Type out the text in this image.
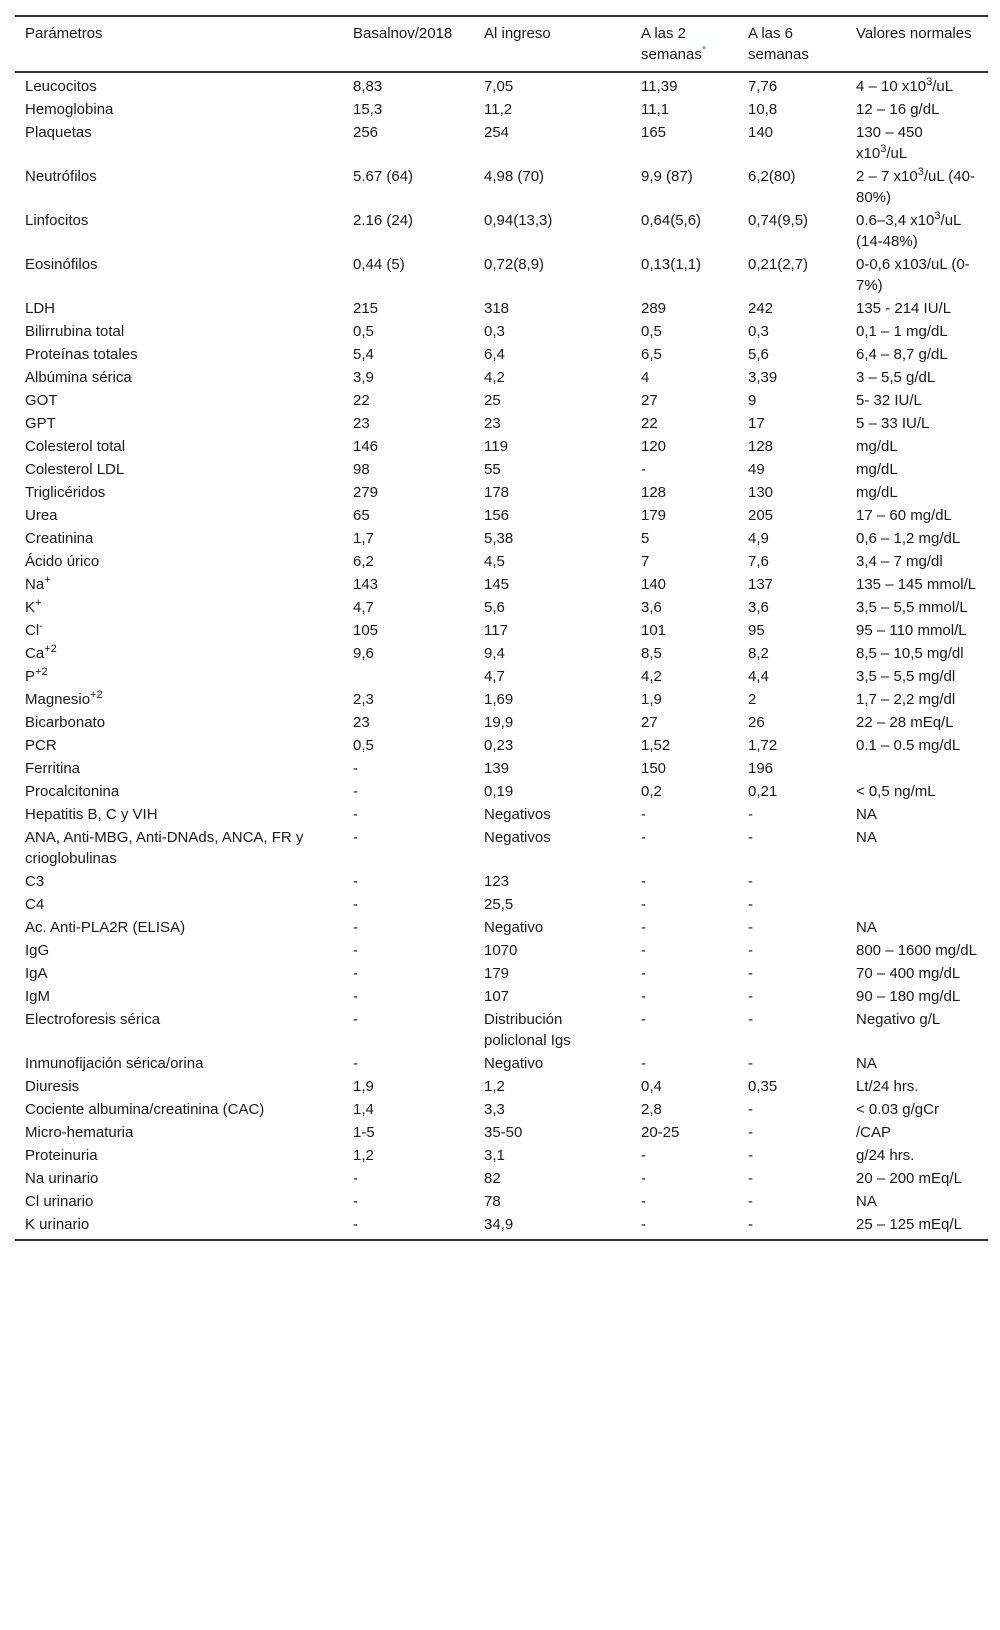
Parámetros	Basalnov/2018	Al ingreso	A las 2 semanas*	A las 6 semanas	Valores normales
Leucocitos	8,83	7,05	11,39	7,76	4 – 10 $x10^3/uL$
Hemoglobina	15,3	11,2	11,1	10,8	12 – 16 g/dL
Plaquetas	256	254	165	140	130 – 450 $x10^3/uL$
Neutrófilos	5.67 (64)	4,98 (70)	9,9 (87)	6,2(80)	2 – 7 $x10^3/uL$ (40-80%)
Linfocitos	2.16 (24)	0,94(13,3)	0,64(5,6)	0,74(9,5)	0.6–3,4 $x10^3/uL$ (14-48%)
Eosinófilos	0,44 (5)	0,72(8,9)	0,13(1,1)	0,21(2,7)	0-0,6 x103/uL (0-7%)
LDH	215	318	289	242	135 - 214 IU/L
Bilirrubina total	0,5	0,3	0,5	0,3	0,1 – 1 mg/dL
Proteínas totales	5,4	6,4	6,5	5,6	6,4 – 8,7 g/dL
Albúmina sérica	3,9	4,2	4	3,39	3 – 5,5 g/dL
GOT	22	25	27	9	5- 32 IU/L
GPT	23	23	22	17	5 – 33 IU/L
Colesterol total	146	119	120	128	mg/dL
Colesterol LDL	98	55	-	49	mg/dL
Triglicéridos	279	178	128	130	mg/dL
Urea	65	156	179	205	17 – 60 mg/dL
Creatinina	1,7	5,38	5	4,9	0,6 – 1,2 mg/dL
Ácido úrico	6,2	4,5	7	7,6	3,4 – 7 mg/dl
Na+	143	145	140	137	135 – 145 mmol/L
K+	4,7	5,6	3,6	3,6	3,5 – 5,5 mmol/L
Cl-	105	117	101	95	95 – 110 mmol/L
$Ca^{+2}$	9,6	9,4	8,5	8,2	8,5 – 10,5 mg/dl
$P^{+2}$		4,7	4,2	4,4	3,5 – 5,5 mg/dl
Magnesio$^{+2}$	2,3	1,69	1,9	2	1,7 – 2,2 mg/dl
Bicarbonato	23	19,9	27	26	22 – 28 mEq/L
PCR	0,5	0,23	1,52	1,72	0.1 – 0.5 mg/dL
Ferritina	-	139	150	196	
Procalcitonina	-	0,19	0,2	0,21	< 0,5 ng/mL
Hepatitis B, C y VIH	-	Negativos	-	-	NA
ANA, Anti-MBG, Anti-DNAds, ANCA, FR y crioglobulinas	-	Negativos	-	-	NA
C3	-	123	-	-	
C4	-	25,5	-	-	
Ac. Anti-PLA2R (ELISA)	-	Negativo	-	-	NA
IgG	-	1070	-	-	800 – 1600 mg/dL
IgA	-	179	-	-	70 – 400 mg/dL
IgM	-	107	-	-	90 – 180 mg/dL
Electroforesis sérica	-	Distribución policlonal Igs	-	-	Negativo g/L
Inmunofijación sérica/orina	-	Negativo	-	-	NA
Diuresis	1,9	1,2	0,4	0,35	Lt/24 hrs.
Cociente albumina/creatinina (CAC)	1,4	3,3	2,8	-	< 0.03 g/gCr
Micro-hematuria	1-5	35-50	20-25	-	/CAP
Proteinuria	1,2	3,1	-	-	g/24 hrs.
Na urinario	-	82	-	-	20 – 200 mEq/L
Cl urinario	-	78	-	-	NA
K urinario	-	34,9	-	-	25 – 125 mEq/L
